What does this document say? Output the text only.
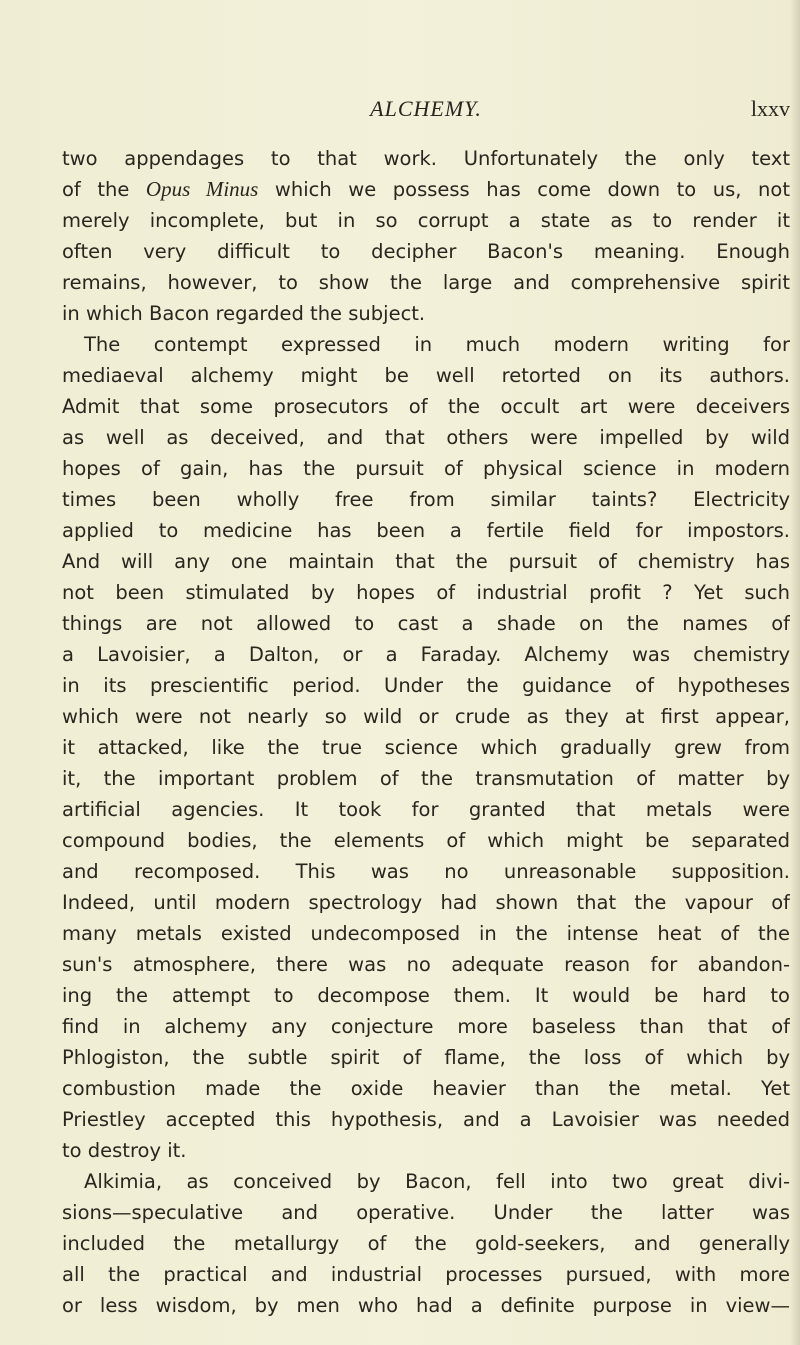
ALCHEMY.	lxxv
two appendages to that work. Unfortunately the only text
of the Opus Minus which we possess has come down to us, not
merely incomplete, but in so corrupt a state as to render it
often very difficult to decipher Bacon's meaning. Enough
remains, however, to show the large and comprehensive spirit
in which Bacon regarded the subject.
The contempt expressed in much modern writing for
mediaeval alchemy might be well retorted on its authors.
Admit that some prosecutors of the occult art were deceivers
as well as deceived, and that others were impelled by wild
hopes of gain, has the pursuit of physical science in modern
times been wholly free from similar taints? Electricity
applied to medicine has been a fertile field for impostors.
And will any one maintain that the pursuit of chemistry has
not been stimulated by hopes of industrial profit ? Yet such
things are not allowed to cast a shade on the names of
a Lavoisier, a Dalton, or a Faraday. Alchemy was chemistry
in its prescientific period. Under the guidance of hypotheses
which were not nearly so wild or crude as they at first appear,
it attacked, like the true science which gradually grew from
it, the important problem of the transmutation of matter by
artificial agencies. It took for granted that metals were
compound bodies, the elements of which might be separated
and recomposed. This was no unreasonable supposition.
Indeed, until modern spectrology had shown that the vapour of
many metals existed undecomposed in the intense heat of the
sun's atmosphere, there was no adequate reason for abandon-
ing the attempt to decompose them. It would be hard to
find in alchemy any conjecture more baseless than that of
Phlogiston, the subtle spirit of flame, the loss of which by
combustion made the oxide heavier than the metal. Yet
Priestley accepted this hypothesis, and a Lavoisier was needed
to destroy it.
Alkimia, as conceived by Bacon, fell into two great divi-
sions—speculative and operative. Under the latter was
included the metallurgy of the gold-seekers, and generally
all the practical and industrial processes pursued, with more
or less wisdom, by men who had a definite purpose in view—
